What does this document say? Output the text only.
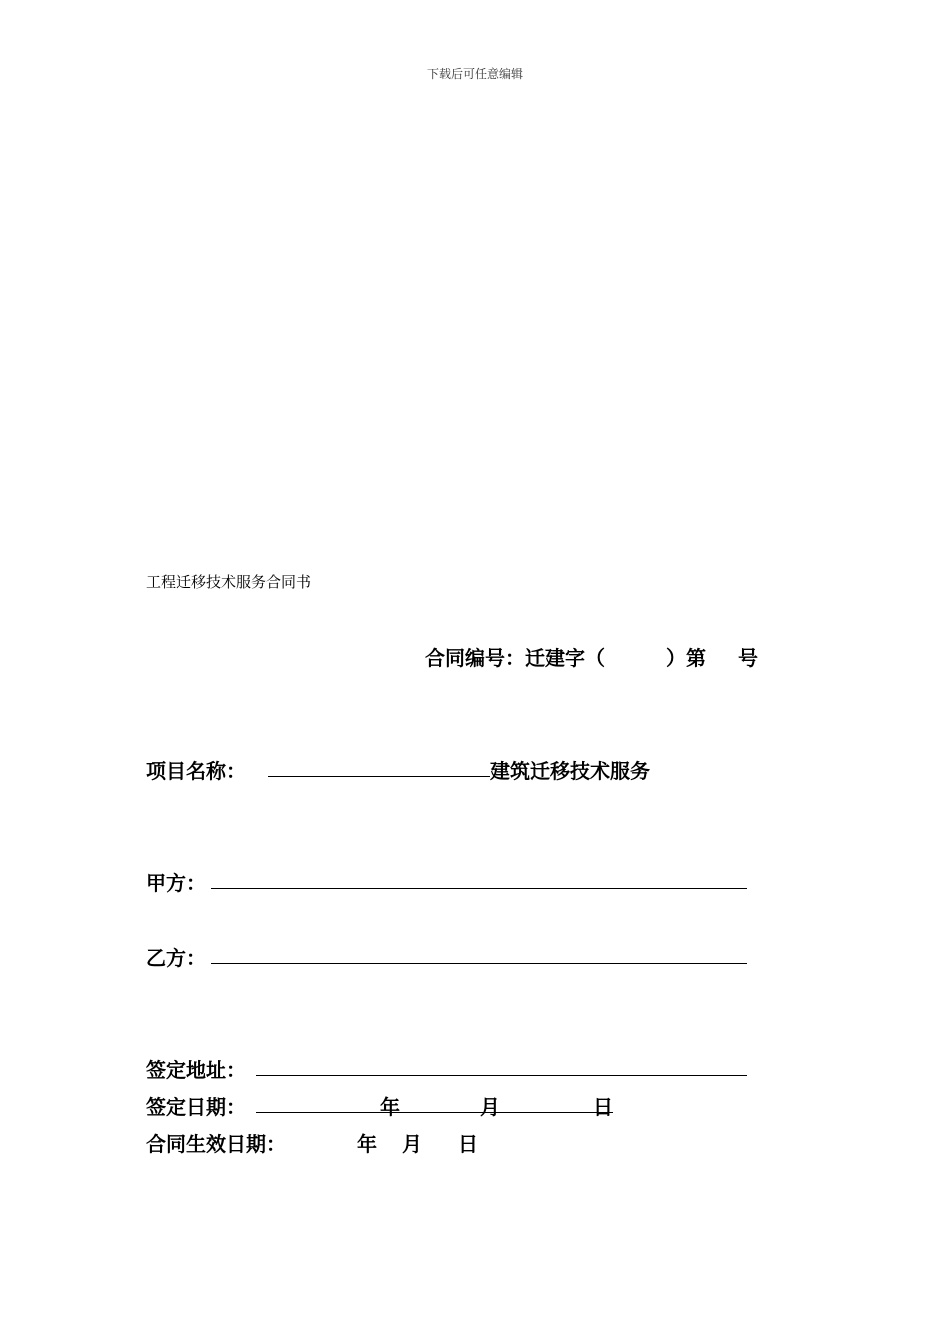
下载后可任意编辑
工程迁移技术服务合同书
合同编号：迁建字（	）第 号
项目名称：	建筑迁移技术服务
甲方：
乙方：
签定地址：
签定日期：	年	月	日
合同生效日期：	年 月 日
